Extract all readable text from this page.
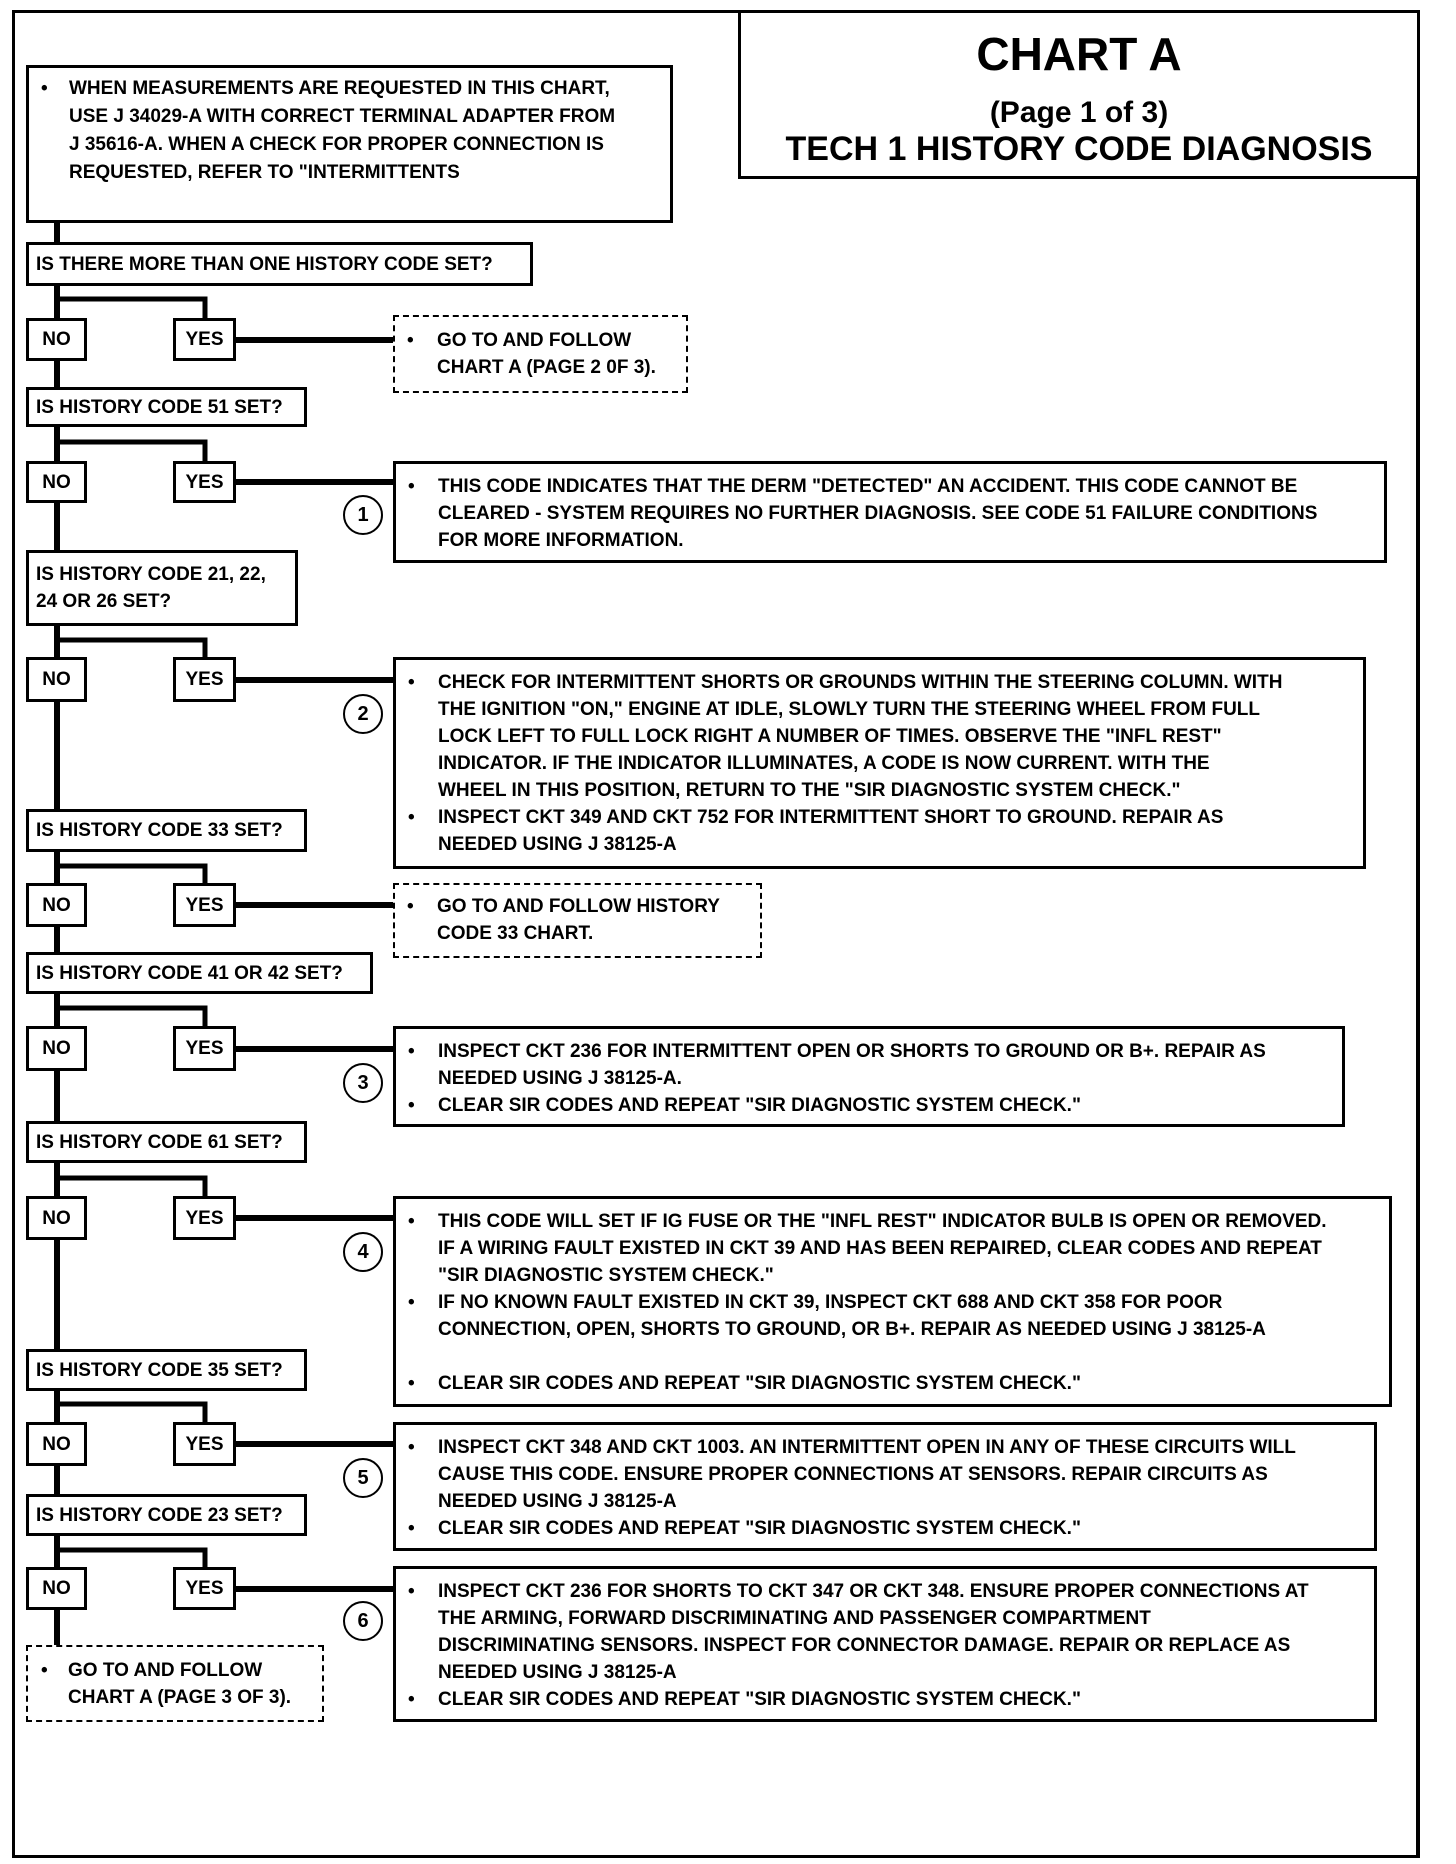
CHART A
(Page 1 of 3)
TECH 1 HISTORY CODE DIAGNOSIS
• WHEN MEASUREMENTS ARE REQUESTED IN THIS CHART,
USE J 34029-A WITH CORRECT TERMINAL ADAPTER FROM
J 35616-A. WHEN A CHECK FOR PROPER CONNECTION IS
REQUESTED, REFER TO "INTERMITTENTS
IS THERE MORE THAN ONE HISTORY CODE SET?
NO	YES	• GO TO AND FOLLOW
CHART A (PAGE 2 0F 3).
IS HISTORY CODE 51 SET?
NO	YES
1
• THIS CODE INDICATES THAT THE DERM "DETECTED" AN ACCIDENT. THIS CODE CANNOT BE
CLEARED - SYSTEM REQUIRES NO FURTHER DIAGNOSIS. SEE CODE 51 FAILURE CONDITIONS
FOR MORE INFORMATION.
IS HISTORY CODE 21, 22,
24 OR 26 SET?
NO	YES
2
• CHECK FOR INTERMITTENT SHORTS OR GROUNDS WITHIN THE STEERING COLUMN. WITH
THE IGNITION "ON," ENGINE AT IDLE, SLOWLY TURN THE STEERING WHEEL FROM FULL
LOCK LEFT TO FULL LOCK RIGHT A NUMBER OF TIMES. OBSERVE THE "INFL REST"
INDICATOR. IF THE INDICATOR ILLUMINATES, A CODE IS NOW CURRENT. WITH THE
WHEEL IN THIS POSITION, RETURN TO THE "SIR DIAGNOSTIC SYSTEM CHECK."
• INSPECT CKT 349 AND CKT 752 FOR INTERMITTENT SHORT TO GROUND. REPAIR AS
NEEDED USING J 38125-A
IS HISTORY CODE 33 SET?
NO	YES	• GO TO AND FOLLOW HISTORY
CODE 33 CHART.
IS HISTORY CODE 41 OR 42 SET?
NO	YES
3
• INSPECT CKT 236 FOR INTERMITTENT OPEN OR SHORTS TO GROUND OR B+. REPAIR AS
NEEDED USING J 38125-A.
• CLEAR SIR CODES AND REPEAT "SIR DIAGNOSTIC SYSTEM CHECK."
IS HISTORY CODE 61 SET?
NO	YES
4
• THIS CODE WILL SET IF IG FUSE OR THE "INFL REST" INDICATOR BULB IS OPEN OR REMOVED.
IF A WIRING FAULT EXISTED IN CKT 39 AND HAS BEEN REPAIRED, CLEAR CODES AND REPEAT
"SIR DIAGNOSTIC SYSTEM CHECK."
• IF NO KNOWN FAULT EXISTED IN CKT 39, INSPECT CKT 688 AND CKT 358 FOR POOR
CONNECTION, OPEN, SHORTS TO GROUND, OR B+. REPAIR AS NEEDED USING J 38125-A
• CLEAR SIR CODES AND REPEAT "SIR DIAGNOSTIC SYSTEM CHECK."
IS HISTORY CODE 35 SET?
NO	YES
5
• INSPECT CKT 348 AND CKT 1003. AN INTERMITTENT OPEN IN ANY OF THESE CIRCUITS WILL
CAUSE THIS CODE. ENSURE PROPER CONNECTIONS AT SENSORS. REPAIR CIRCUITS AS
NEEDED USING J 38125-A
• CLEAR SIR CODES AND REPEAT "SIR DIAGNOSTIC SYSTEM CHECK."
IS HISTORY CODE 23 SET?
NO	YES
6
• INSPECT CKT 236 FOR SHORTS TO CKT 347 OR CKT 348. ENSURE PROPER CONNECTIONS AT
THE ARMING, FORWARD DISCRIMINATING AND PASSENGER COMPARTMENT
DISCRIMINATING SENSORS. INSPECT FOR CONNECTOR DAMAGE. REPAIR OR REPLACE AS
NEEDED USING J 38125-A
• CLEAR SIR CODES AND REPEAT "SIR DIAGNOSTIC SYSTEM CHECK."
• GO TO AND FOLLOW
CHART A (PAGE 3 OF 3).
